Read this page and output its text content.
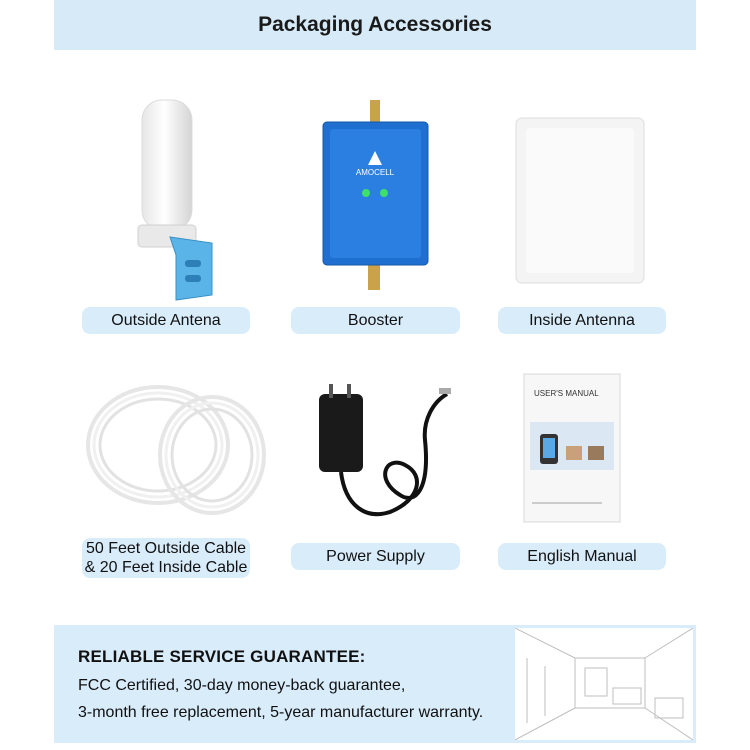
Packaging Accessories
AMOCELL
Outside Antena	Booster	Inside Antenna
USER'S MANUAL
50 Feet Outside Cable
& 20 Feet Inside Cable
Power Supply	English Manual
RELIABLE SERVICE GUARANTEE:
FCC Certified, 30-day money-back guarantee,
3-month free replacement, 5-year manufacturer warranty.
